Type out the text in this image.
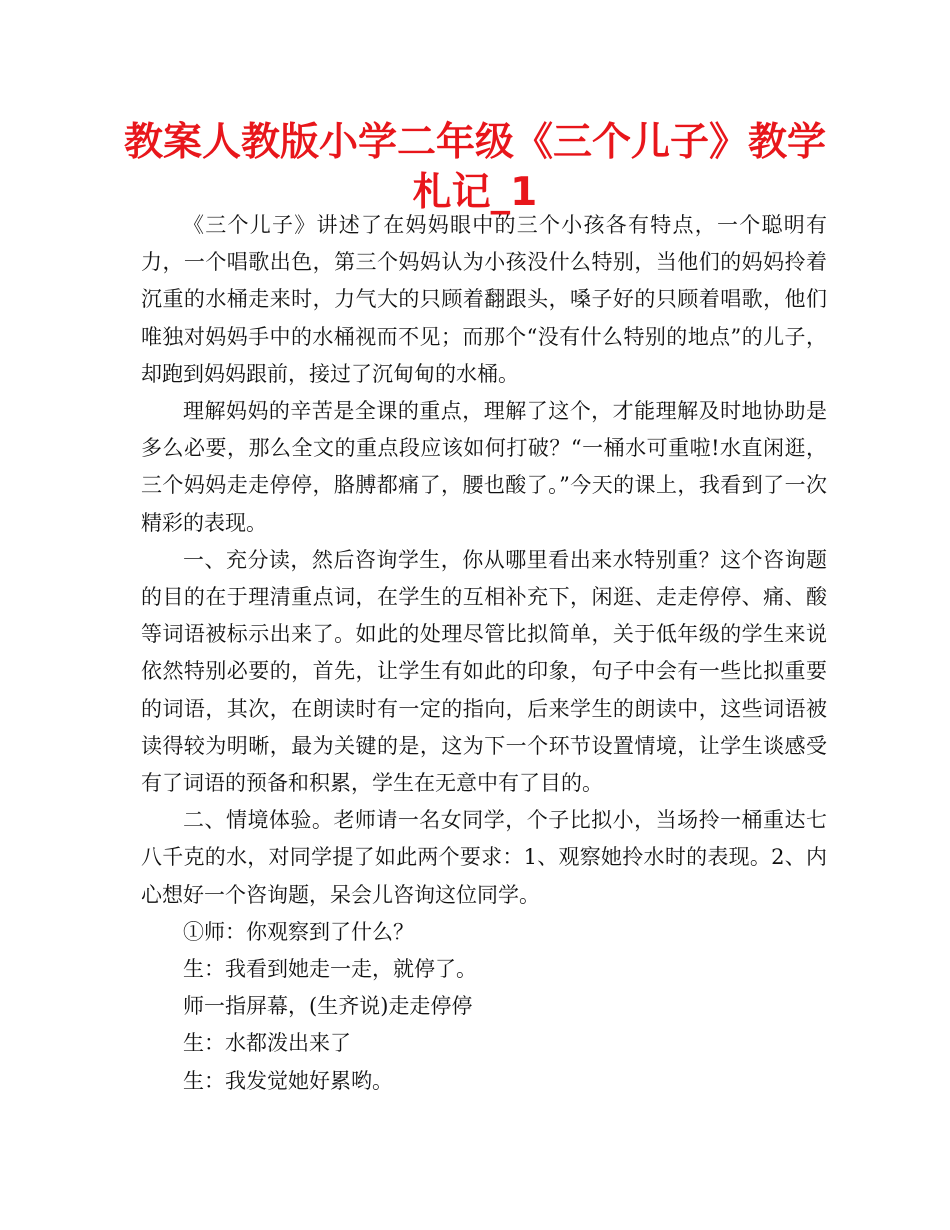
教案人教版小学二年级《三个儿子》教学札记_1

《三个儿子》讲述了在妈妈眼中的三个小孩各有特点，一个聪明有力，一个唱歌出色，第三个妈妈认为小孩没什么特别，当他们的妈妈拎着沉重的水桶走来时，力气大的只顾着翻跟头，嗓子好的只顾着唱歌，他们唯独对妈妈手中的水桶视而不见；而那个“没有什么特别的地点”的儿子，却跑到妈妈跟前，接过了沉甸甸的水桶。

理解妈妈的辛苦是全课的重点，理解了这个，才能理解及时地协助是多么必要，那么全文的重点段应该如何打破？“一桶水可重啦!水直闲逛，三个妈妈走走停停，胳膊都痛了，腰也酸了。”今天的课上，我看到了一次精彩的表现。

一、充分读，然后咨询学生，你从哪里看出来水特别重？这个咨询题的目的在于理清重点词，在学生的互相补充下，闲逛、走走停停、痛、酸等词语被标示出来了。如此的处理尽管比拟简单，关于低年级的学生来说依然特别必要的，首先，让学生有如此的印象，句子中会有一些比拟重要的词语，其次，在朗读时有一定的指向，后来学生的朗读中，这些词语被读得较为明晰，最为关键的是，这为下一个环节设置情境，让学生谈感受有了词语的预备和积累，学生在无意中有了目的。

二、情境体验。老师请一名女同学，个子比拟小，当场拎一桶重达七八千克的水，对同学提了如此两个要求：1、观察她拎水时的表现。2、内心想好一个咨询题，呆会儿咨询这位同学。

①师：你观察到了什么？

生：我看到她走一走，就停了。

师一指屏幕，(生齐说)走走停停

生：水都泼出来了

生：我发觉她好累哟。
